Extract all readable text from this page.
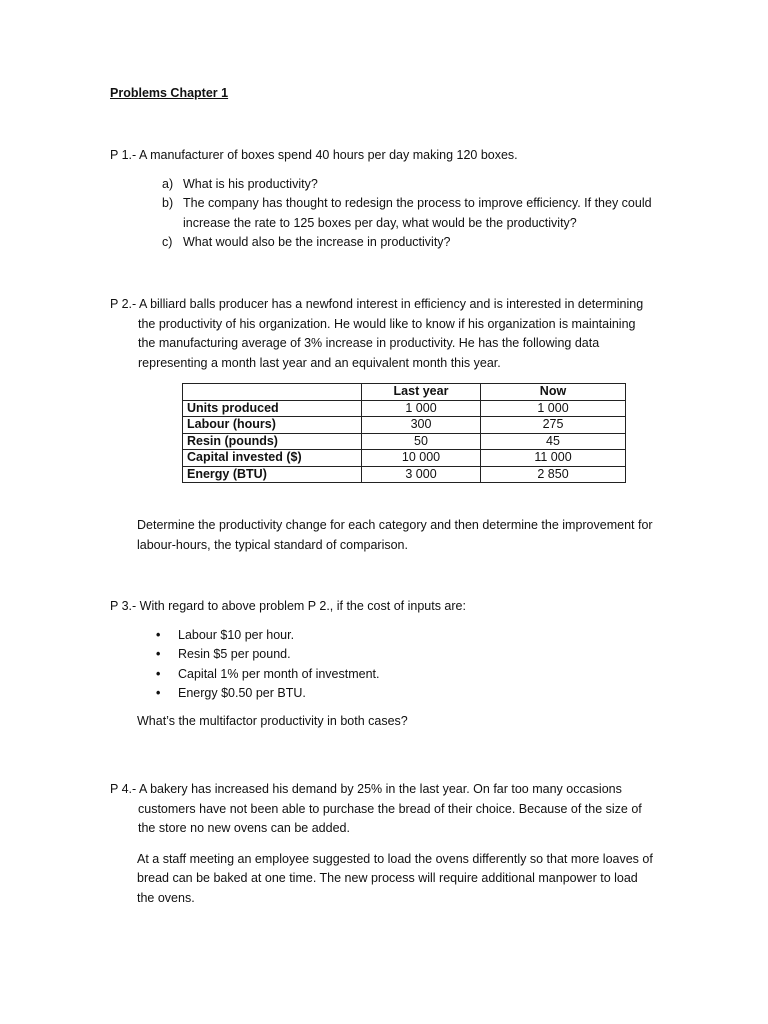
Problems Chapter 1
P 1.- A manufacturer of boxes spend 40 hours per day making 120 boxes.
a) What is his productivity?
b) The company has thought to redesign the process to improve efficiency. If they could increase the rate to 125 boxes per day, what would be the productivity?
c) What would also be the increase in productivity?
P 2.- A billiard balls producer has a newfond interest in efficiency and is interested in determining the productivity of his organization. He would like to know if his organization is maintaining the manufacturing average of 3% increase in productivity. He has the following data representing a month last year and an equivalent month this year.
	Last year	Now
Units produced	1 000	1 000
Labour (hours)	300	275
Resin (pounds)	50	45
Capital invested ($)	10 000	11 000
Energy (BTU)	3 000	2 850
Determine the productivity change for each category and then determine the improvement for labour-hours, the typical standard of comparison.
P 3.- With regard to above problem P 2., if the cost of inputs are:
• Labour $10 per hour.
• Resin $5 per pound.
• Capital 1% per month of investment.
• Energy $0.50 per BTU.
What’s the multifactor productivity in both cases?
P 4.- A bakery has increased his demand by 25% in the last year. On far too many occasions customers have not been able to purchase the bread of their choice. Because of the size of the store no new ovens can be added.
At a staff meeting an employee suggested to load the ovens differently so that more loaves of bread can be baked at one time. The new process will require additional manpower to load the ovens.
